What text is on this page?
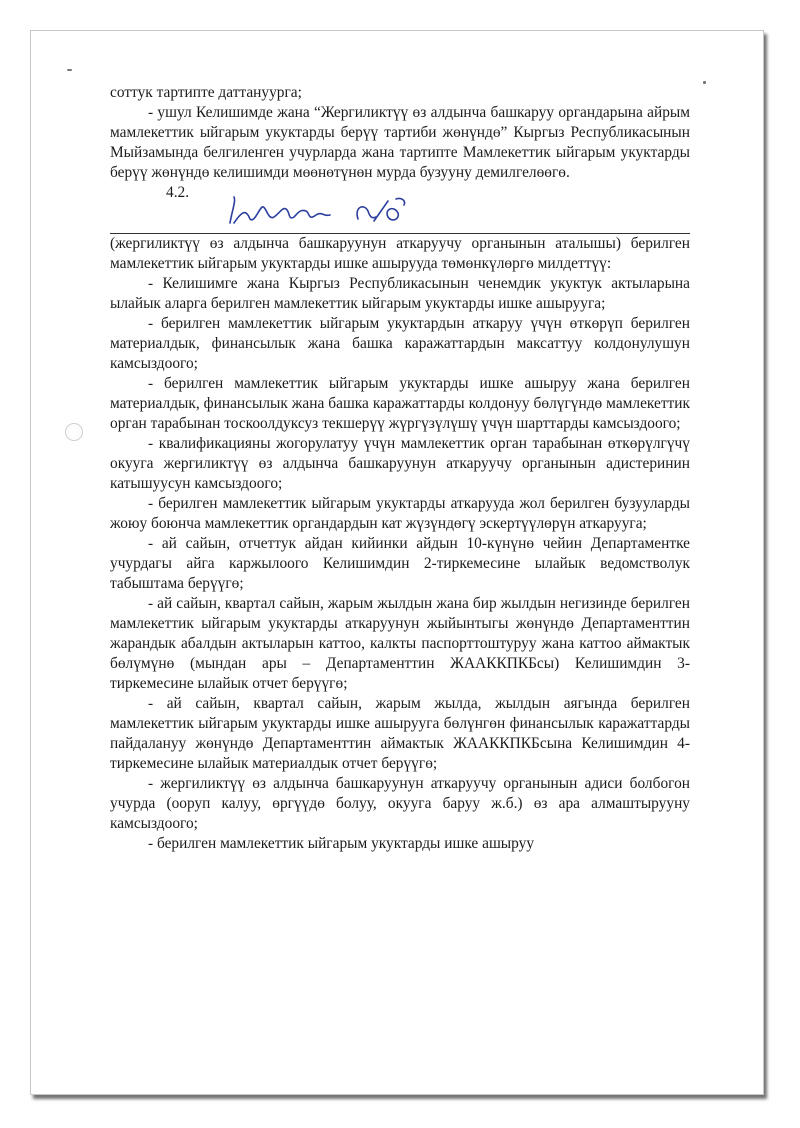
соттук тартипте даттануурга;

- ушул Келишимде жана “Жергиликтүү өз алдынча башкаруу органдарына айрым мамлекеттик ыйгарым укуктарды берүү тартиби жөнүндө” Кыргыз Республикасынын Мыйзамында белгиленген учурларда жана тартипте Мамлекеттик ыйгарым укуктарды берүү жөнүндө келишимди мөөнөтүнөн мурда бузууну демилгелөөгө.

4.2.

(жергиликтүү өз алдынча башкаруунун аткаруучу органынын аталышы) берилген мамлекеттик ыйгарым укуктарды ишке ашырууда төмөнкүлөргө милдеттүү:

- Келишимге жана Кыргыз Республикасынын ченемдик укуктук актыларына ылайык аларга берилген мамлекеттик ыйгарым укуктарды ишке ашырууга;

- берилген мамлекеттик ыйгарым укуктардын аткаруу үчүн өткөрүп берилген материалдык, финансылык жана башка каражаттардын максаттуу колдонулушун камсыздоого;

- берилген мамлекеттик ыйгарым укуктарды ишке ашыруу жана берилген материалдык, финансылык жана башка каражаттарды колдонуу бөлүгүндө мамлекеттик орган тарабынан тоскоолдуксуз текшерүү жүргүзүлүшү үчүн шарттарды камсыздоого;

- квалификацияны жогорулатуу үчүн мамлекеттик орган тарабынан өткөрүлгүчү окууга жергиликтүү өз алдынча башкаруунун аткаруучу органынын адистеринин катышуусун камсыздоого;

- берилген мамлекеттик ыйгарым укуктарды аткарууда жол берилген бузууларды жоюу боюнча мамлекеттик органдардын кат жүзүндөгү эскертүүлөрүн аткарууга;

- ай сайын, отчеттук айдан кийинки айдын 10-күнүнө чейин Департаментке учурдагы айга каржылоого Келишимдин 2-тиркемесине ылайык ведомстволук табыштама берүүгө;

- ай сайын, квартал сайын, жарым жылдын жана бир жылдын негизинде берилген мамлекеттик ыйгарым укуктарды аткаруунун жыйынтыгы жөнүндө Департаменттин жарандык абалдын актыларын каттоо, калкты паспорттоштуруу жана каттоо аймактык бөлүмүнө (мындан ары – Департаменттин ЖААККПКБсы) Келишимдин 3-тиркемесине ылайык отчет берүүгө;

- ай сайын, квартал сайын, жарым жылда, жылдын аягында берилген мамлекеттик ыйгарым укуктарды ишке ашырууга бөлүнгөн финансылык каражаттарды пайдалануу жөнүндө Департаменттин аймактык ЖААККПКБсына Келишимдин 4-тиркемесине ылайык материалдык отчет берүүгө;

- жергиликтүү өз алдынча башкаруунун аткаруучу органынын адиси болбогон учурда (ооруп калуу, өргүүдө болуу, окууга баруу ж.б.) өз ара алмаштырууну камсыздоого;

- берилген мамлекеттик ыйгарым укуктарды ишке ашыруу
